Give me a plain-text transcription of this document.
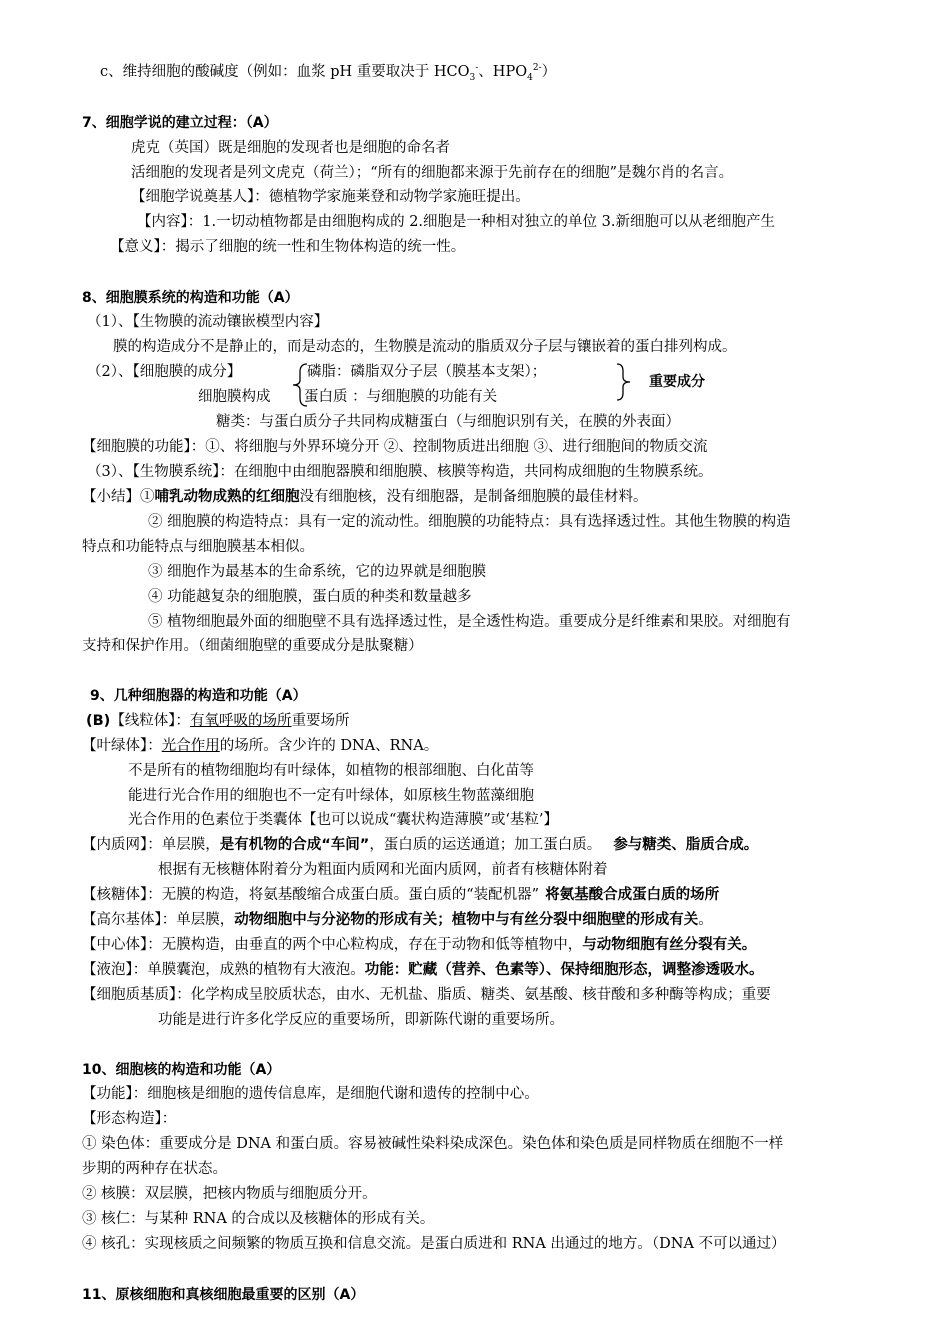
c、维持细胞的酸碱度（例如：血浆 pH 重要取决于 $HCO_3^-$、$HPO_4^{2-}$）
7、细胞学说的建立过程：（A）
虎克（英国）既是细胞的发现者也是细胞的命名者
活细胞的发现者是列文虎克（荷兰）；“所有的细胞都来源于先前存在的细胞”是魏尔肖的名言。
【细胞学说奠基人】：德植物学家施莱登和动物学家施旺提出。
【内容】：1.一切动植物都是由细胞构成的 2.细胞是一种相对独立的单位 3.新细胞可以从老细胞产生
【意义】：揭示了细胞的统一性和生物体构造的统一性。
8、细胞膜系统的构造和功能（A）
（1）、【生物膜的流动镶嵌模型内容】
膜的构造成分不是静止的，而是动态的，生物膜是流动的脂质双分子层与镶嵌着的蛋白排列构成。
（2）、【细胞膜的成分】	磷脂：磷脂双分子层（膜基本支架）；
重要成分
细胞膜构成 蛋白质 ：与细胞膜的功能有关
糖类：与蛋白质分子共同构成糖蛋白（与细胞识别有关，在膜的外表面）
【细胞膜的功能】：①、将细胞与外界环境分开 ②、控制物质进出细胞 ③、进行细胞间的物质交流
（3）、【生物膜系统】：在细胞中由细胞器膜和细胞膜、核膜等构造，共同构成细胞的生物膜系统。
【小结】①哺乳动物成熟的红细胞没有细胞核，没有细胞器，是制备细胞膜的最佳材料。
② 细胞膜的构造特点：具有一定的流动性。细胞膜的功能特点：具有选择透过性。其他生物膜的构造
特点和功能特点与细胞膜基本相似。
③ 细胞作为最基本的生命系统，它的边界就是细胞膜
④ 功能越复杂的细胞膜，蛋白质的种类和数量越多
⑤ 植物细胞最外面的细胞壁不具有选择透过性，是全透性构造。重要成分是纤维素和果胶。对细胞有
支持和保护作用。（细菌细胞壁的重要成分是肽聚糖）
9、几种细胞器的构造和功能（A）
(B)【线粒体】：有氧呼吸的场所重要场所
【叶绿体】：光合作用的场所。含少许的 DNA、RNA。
不是所有的植物细胞均有叶绿体，如植物的根部细胞、白化苗等
能进行光合作用的细胞也不一定有叶绿体，如原核生物蓝藻细胞
光合作用的色素位于类囊体【也可以说成“囊状构造薄膜”或‘基粒’】
【内质网】：单层膜，是有机物的合成“车间”，蛋白质的运送通道；加工蛋白质。 参与糖类、脂质合成。
根据有无核糖体附着分为粗面内质网和光面内质网，前者有核糖体附着
【核糖体】：无膜的构造，将氨基酸缩合成蛋白质。蛋白质的“装配机器” 将氨基酸合成蛋白质的场所
【高尔基体】：单层膜，动物细胞中与分泌物的形成有关；植物中与有丝分裂中细胞壁的形成有关。
【中心体】：无膜构造，由垂直的两个中心粒构成，存在于动物和低等植物中，与动物细胞有丝分裂有关。
【液泡】：单膜囊泡，成熟的植物有大液泡。功能：贮藏（营养、色素等）、保持细胞形态，调整渗透吸水。
【细胞质基质】：化学构成呈胶质状态，由水、无机盐、脂质、糖类、氨基酸、核苷酸和多种酶等构成；重要
功能是进行许多化学反应的重要场所，即新陈代谢的重要场所。
10、细胞核的构造和功能（A）
【功能】：细胞核是细胞的遗传信息库，是细胞代谢和遗传的控制中心。
【形态构造】：
① 染色体：重要成分是 DNA 和蛋白质。容易被碱性染料染成深色。染色体和染色质是同样物质在细胞不一样
步期的两种存在状态。
② 核膜：双层膜，把核内物质与细胞质分开。
③ 核仁：与某种 RNA 的合成以及核糖体的形成有关。
④ 核孔：实现核质之间频繁的物质互换和信息交流。是蛋白质进和 RNA 出通过的地方。（DNA 不可以通过）
11、原核细胞和真核细胞最重要的区别（A）
